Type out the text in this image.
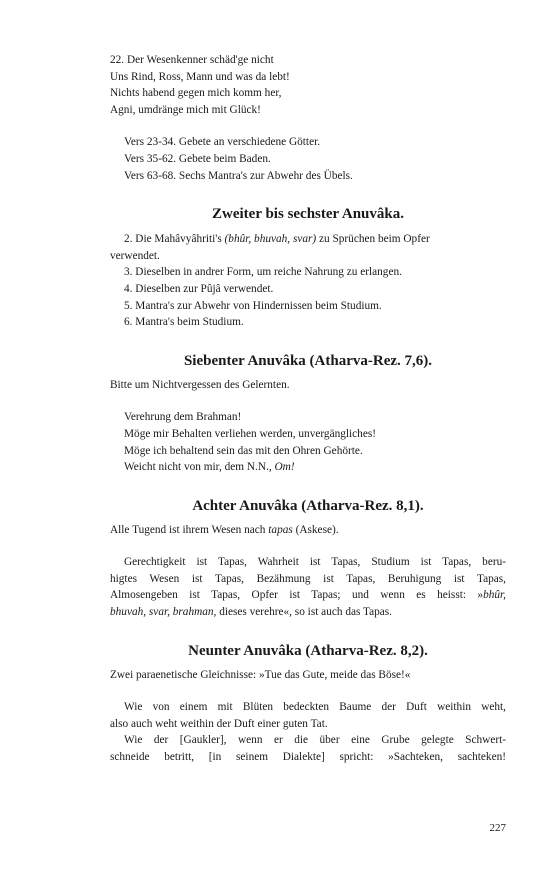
22. Der Wesenkenner schäd'ge nicht
Uns Rind, Ross, Mann und was da lebt!
Nichts habend gegen mich komm her,
Agni, umdränge mich mit Glück!
Vers 23-34. Gebete an verschiedene Götter.
Vers 35-62. Gebete beim Baden.
Vers 63-68. Sechs Mantra's zur Abwehr des Übels.
Zweiter bis sechster Anuvâka.
2. Die Mahâvyâhriti's (bhûr, bhuvah, svar) zu Sprüchen beim Opfer
verwendet.
3. Dieselben in andrer Form, um reiche Nahrung zu erlangen.
4. Dieselben zur Pûjâ verwendet.
5. Mantra's zur Abwehr von Hindernissen beim Studium.
6. Mantra's beim Studium.
Siebenter Anuvâka (Atharva-Rez. 7,6).
Bitte um Nichtvergessen des Gelernten.
Verehrung dem Brahman!
Möge mir Behalten verliehen werden, unvergängliches!
Möge ich behaltend sein das mit den Ohren Gehörte.
Weicht nicht von mir, dem N.N., Om!
Achter Anuvâka (Atharva-Rez. 8,1).
Alle Tugend ist ihrem Wesen nach tapas (Askese).
Gerechtigkeit ist Tapas, Wahrheit ist Tapas, Studium ist Tapas, beru-
higtes Wesen ist Tapas, Bezähmung ist Tapas, Beruhigung ist Tapas,
Almosengeben ist Tapas, Opfer ist Tapas; und wenn es heisst: »bhûr,
bhuvah, svar, brahman, dieses verehre«, so ist auch das Tapas.
Neunter Anuvâka (Atharva-Rez. 8,2).
Zwei paraenetische Gleichnisse: »Tue das Gute, meide das Böse!«
Wie von einem mit Blüten bedeckten Baume der Duft weithin weht,
also auch weht weithin der Duft einer guten Tat.
Wie der [Gaukler], wenn er die über eine Grube gelegte Schwert-
schneide betritt, [in seinem Dialekte] spricht: »Sachteken, sachteken!
227
